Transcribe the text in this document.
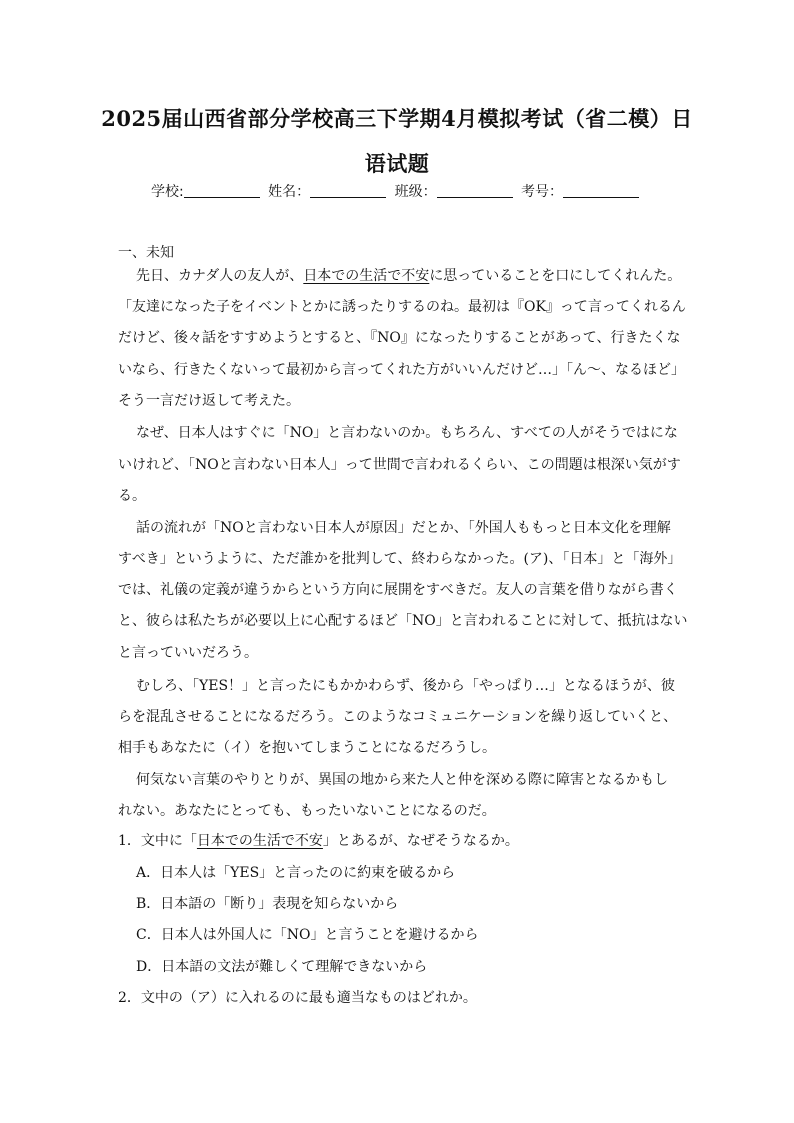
2025届山西省部分学校高三下学期4月模拟考试（省二模）日
语试题
学校:	姓名：	班级：	考号：
一、未知
先日、カナダ人の友人が、日本での生活で不安に思っていることを口にしてくれんた。
「友達になった子をイベントとかに誘ったりするのね。最初は『OK』って言ってくれるん
だけど、後々話をすすめようとすると、『NO』になったりすることがあって、行きたくな
いなら、行きたくないって最初から言ってくれた方がいいんだけど…」「ん～、なるほど」
そう一言だけ返して考えた。
なぜ、日本人はすぐに「NO」と言わないのか。もちろん、すべての人がそうではにな
いけれど、「NOと言わない日本人」って世間で言われるくらい、この問題は根深い気がす
る。
話の流れが「NOと言わない日本人が原因」だとか、「外国人ももっと日本文化を理解
すべき」というように、ただ誰かを批判して、終わらなかった。(ア)、「日本」と「海外」
では、礼儀の定義が違うからという方向に展開をすべきだ。友人の言葉を借りながら書く
と、彼らは私たちが必要以上に心配するほど「NO」と言われることに対して、抵抗はない
と言っていいだろう。
むしろ、「YES！」と言ったにもかかわらず、後から「やっぱり…」となるほうが、彼
らを混乱させることになるだろう。このようなコミュニケーションを繰り返していくと、
相手もあなたに（イ）を抱いてしまうことになるだろうし。
何気ない言葉のやりとりが、異国の地から来た人と仲を深める際に障害となるかもし
れない。あなたにとっても、もったいないことになるのだ。
1．文中に「日本での生活で不安」とあるが、なぜそうなるか。
A．日本人は「YES」と言ったのに約束を破るから
B．日本語の「断り」表現を知らないから
C．日本人は外国人に「NO」と言うことを避けるから
D．日本語の文法が難しくて理解できないから
2．文中の（ア）に入れるのに最も適当なものはどれか。
